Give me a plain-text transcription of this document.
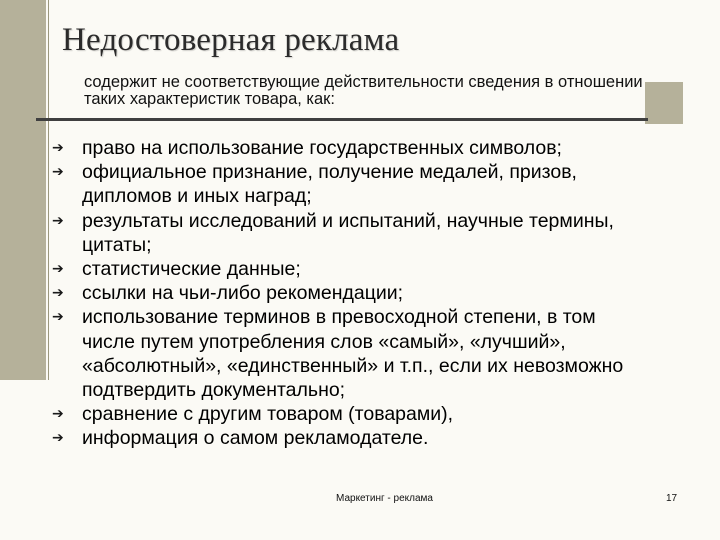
Недостоверная реклама

содержит не соответствующие действительности сведения в отношении
таких характеристик товара, как:

➔ право на использование государственных символов;
➔ официальное признание, получение медалей, призов,
дипломов и иных наград;
➔ результаты исследований и испытаний, научные термины,
цитаты;
➔ статистические данные;
➔ ссылки на чьи-либо рекомендации;
➔ использование терминов в превосходной степени, в том
числе путем употребления слов «самый», «лучший»,
«абсолютный», «единственный» и т.п., если их невозможно
подтвердить документально;
➔ сравнение с другим товаром (товарами),
➔ информация о самом рекламодателе.
Маркетинг - реклама	17
